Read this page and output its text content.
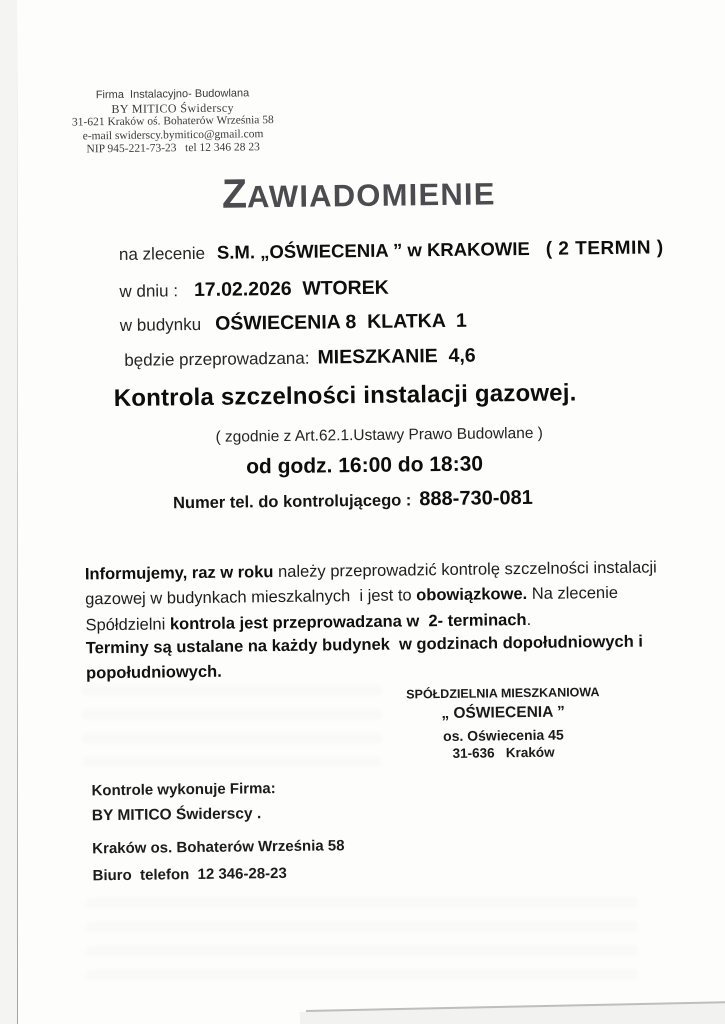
Firma  Instalacyjno- Budowlana
BY MITICO Świderscy
31-621 Kraków oś. Bohaterów Września 58
e-mail swiderscy.bymitico@gmail.com
NIP 945-221-73-23   tel 12 346 28 23
ZAWIADOMIENIE
na zlecenie S.M. „OŚWIECENIA ” w KRAKOWIE ( 2 TERMIN )
w dniu : 17.02.2026  WTOREK
w budynku OŚWIECENIA 8  KLATKA  1
będzie przeprowadzana: MIESZKANIE  4,6
Kontrola szczelności instalacji gazowej.
( zgodnie z Art.62.1.Ustawy Prawo Budowlane )
od godz. 16:00 do 18:30
Numer tel. do kontrolującego : 888-730-081

Informujemy, raz w roku należy przeprowadzić kontrolę szczelności instalacji gazowej w budynkach mieszkalnych  i jest to obowiązkowe. Na zlecenie Spółdzielni kontrola jest przeprowadzana w  2- terminach.

Terminy są ustalane na każdy budynek  w godzinach dopołudniowych i popołudniowych.

SPÓŁDZIELNIA MIESZKANIOWA
„ OŚWIECENIA ”
os. Oświecenia 45
31-636   Kraków
Kontrole wykonuje Firma:
BY MITICO Świderscy .
Kraków os. Bohaterów Września 58
Biuro  telefon  12 346-28-23
